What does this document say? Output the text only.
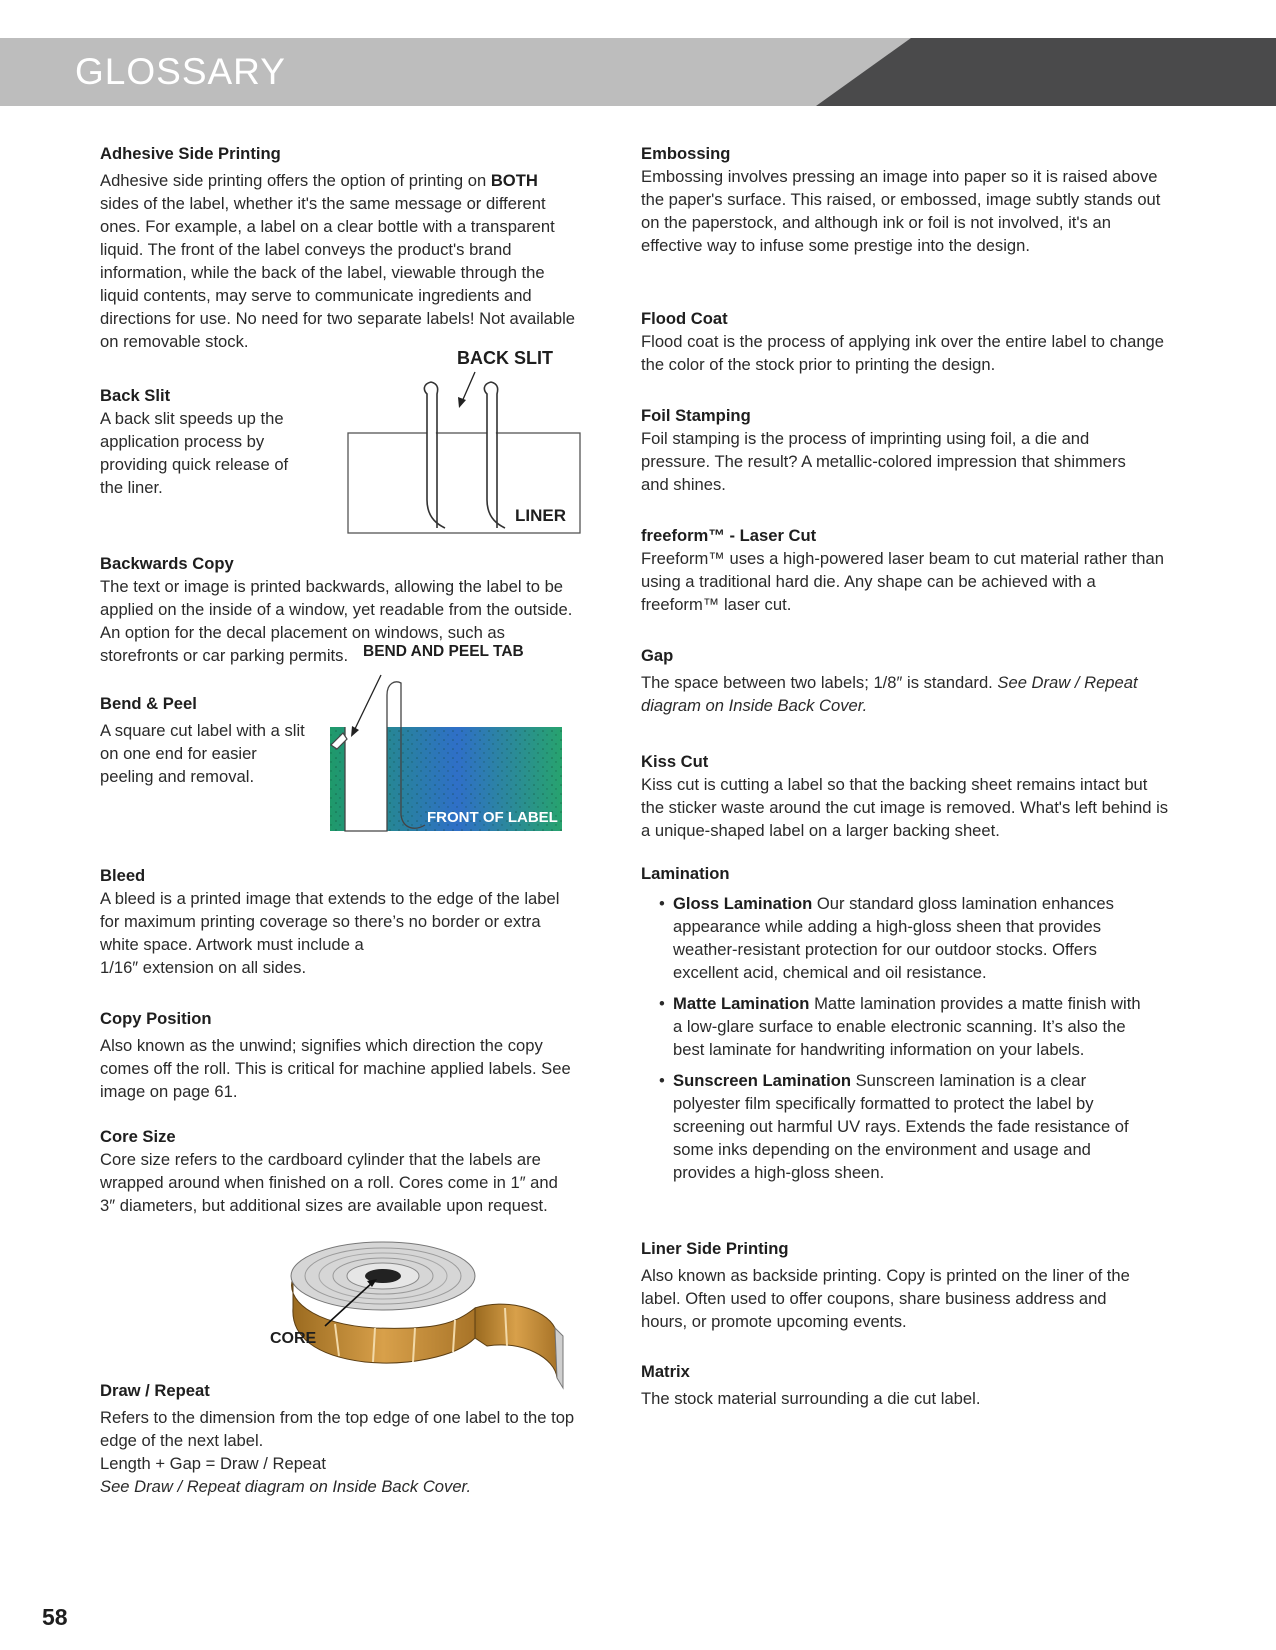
GLOSSARY
Adhesive Side Printing
Adhesive side printing offers the option of printing on BOTH sides of the label, whether it's the same message or different ones. For example, a label on a clear bottle with a transparent liquid. The front of the label conveys the product's brand information, while the back of the label, viewable through the liquid contents, may serve to communicate ingredients and directions for use. No need for two separate labels! Not available on removable stock.
Back Slit
A back slit speeds up the application process by providing quick release of the liner.
Backwards Copy
The text or image is printed backwards, allowing the label to be applied on the inside of a window, yet readable from the outside. An option for the decal placement on windows, such as storefronts or car parking permits.
Bend & Peel
A square cut label with a slit on one end for easier peeling and removal.
Bleed
A bleed is a printed image that extends to the edge of the label for maximum printing coverage so there’s no border or extra white space. Artwork must include a
1/16″ extension on all sides.
Copy Position
Also known as the unwind; signifies which direction the copy comes off the roll. This is critical for machine applied labels. See image on page 61.
Core Size
Core size refers to the cardboard cylinder that the labels are wrapped around when finished on a roll. Cores come in 1″ and 3″ diameters, but additional sizes are available upon request.
Draw / Repeat
Refers to the dimension from the top edge of one label to the top edge of the next label.
Length + Gap = Draw / Repeat
See Draw / Repeat diagram on Inside Back Cover.
BACK SLIT
LINER
BEND AND PEEL TAB
FRONT OF LABEL
CORE
Embossing
Embossing involves pressing an image into paper so it is raised above the paper's surface. This raised, or embossed, image subtly stands out on the paperstock, and although ink or foil is not involved, it's an effective way to infuse some prestige into the design.
Flood Coat
Flood coat is the process of applying ink over the entire label to change the color of the stock prior to printing the design.
Foil Stamping
Foil stamping is the process of imprinting using foil, a die and pressure. The result? A metallic-colored impression that shimmers and shines.
freeform™ - Laser Cut
Freeform™ uses a high-powered laser beam to cut material rather than using a traditional hard die. Any shape can be achieved with a freeform™ laser cut.
Gap
The space between two labels; 1/8″ is standard. See Draw / Repeat diagram on Inside Back Cover.
Kiss Cut
Kiss cut is cutting a label so that the backing sheet remains intact but the sticker waste around the cut image is removed. What's left behind is a unique-shaped label on a larger backing sheet.
Lamination
• Gloss Lamination Our standard gloss lamination enhances appearance while adding a high-gloss sheen that provides weather-resistant protection for our outdoor stocks. Offers excellent acid, chemical and oil resistance.
• Matte Lamination Matte lamination provides a matte finish with a low-glare surface to enable electronic scanning. It’s also the best laminate for handwriting information on your labels.
• Sunscreen Lamination Sunscreen lamination is a clear polyester film specifically formatted to protect the label by screening out harmful UV rays. Extends the fade resistance of some inks depending on the environment and usage and provides a high-gloss sheen.
Liner Side Printing
Also known as backside printing. Copy is printed on the liner of the label. Often used to offer coupons, share business address and hours, or promote upcoming events.
Matrix
The stock material surrounding a die cut label.
58
